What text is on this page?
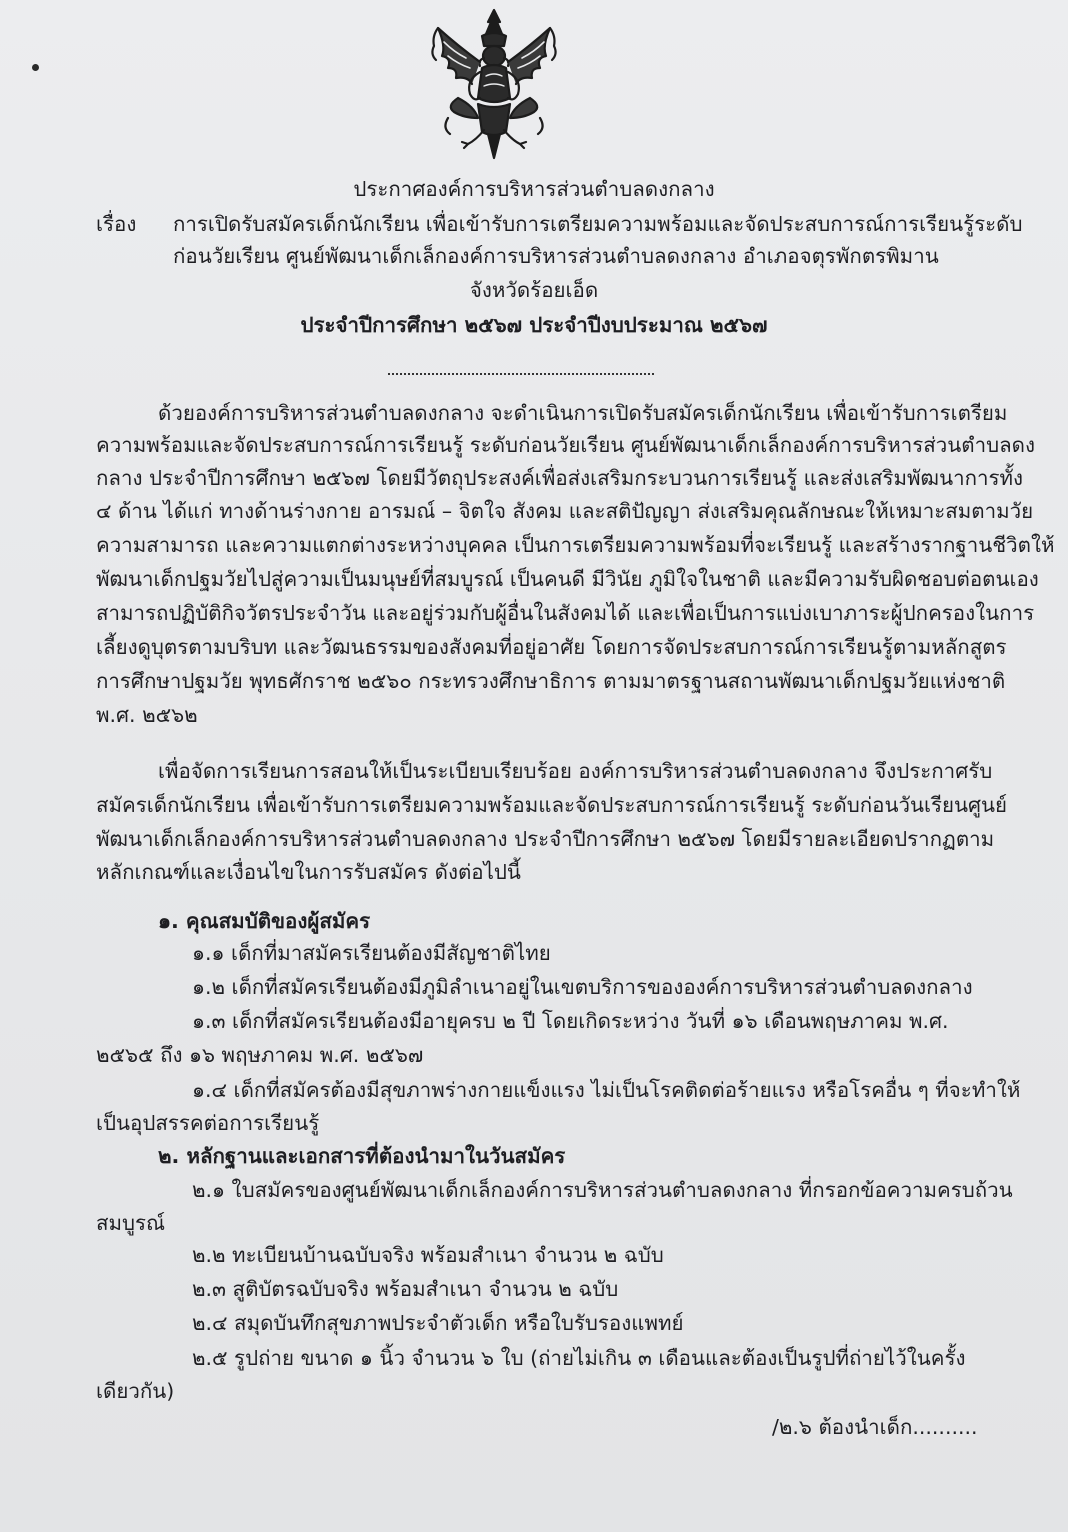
ประกาศองค์การบริหารส่วนตำบลดงกลาง
เรื่อง การเปิดรับสมัครเด็กนักเรียน เพื่อเข้ารับการเตรียมความพร้อมและจัดประสบการณ์การเรียนรู้ระดับ
ก่อนวัยเรียน ศูนย์พัฒนาเด็กเล็กองค์การบริหารส่วนตำบลดงกลาง อำเภอจตุรพักตรพิมาน
จังหวัดร้อยเอ็ด
ประจำปีการศึกษา ๒๕๖๗ ประจำปีงบประมาณ ๒๕๖๗
ด้วยองค์การบริหารส่วนตำบลดงกลาง จะดำเนินการเปิดรับสมัครเด็กนักเรียน เพื่อเข้ารับการเตรียม
ความพร้อมและจัดประสบการณ์การเรียนรู้ ระดับก่อนวัยเรียน ศูนย์พัฒนาเด็กเล็กองค์การบริหารส่วนตำบลดง
กลาง ประจำปีการศึกษา ๒๕๖๗ โดยมีวัตถุประสงค์เพื่อส่งเสริมกระบวนการเรียนรู้ และส่งเสริมพัฒนาการทั้ง
๔ ด้าน ได้แก่ ทางด้านร่างกาย อารมณ์ – จิตใจ สังคม และสติปัญญา ส่งเสริมคุณลักษณะให้เหมาะสมตามวัย
ความสามารถ และความแตกต่างระหว่างบุคคล เป็นการเตรียมความพร้อมที่จะเรียนรู้ และสร้างรากฐานชีวิตให้
พัฒนาเด็กปฐมวัยไปสู่ความเป็นมนุษย์ที่สมบูรณ์ เป็นคนดี มีวินัย ภูมิใจในชาติ และมีความรับผิดชอบต่อตนเอง
สามารถปฏิบัติกิจวัตรประจำวัน และอยู่ร่วมกับผู้อื่นในสังคมได้ และเพื่อเป็นการแบ่งเบาภาระผู้ปกครองในการ
เลี้ยงดูบุตรตามบริบท และวัฒนธรรมของสังคมที่อยู่อาศัย โดยการจัดประสบการณ์การเรียนรู้ตามหลักสูตร
การศึกษาปฐมวัย พุทธศักราช ๒๕๖๐ กระทรวงศึกษาธิการ ตามมาตรฐานสถานพัฒนาเด็กปฐมวัยแห่งชาติ
พ.ศ. ๒๕๖๒
เพื่อจัดการเรียนการสอนให้เป็นระเบียบเรียบร้อย องค์การบริหารส่วนตำบลดงกลาง จึงประกาศรับ
สมัครเด็กนักเรียน เพื่อเข้ารับการเตรียมความพร้อมและจัดประสบการณ์การเรียนรู้ ระดับก่อนวันเรียนศูนย์
พัฒนาเด็กเล็กองค์การบริหารส่วนตำบลดงกลาง ประจำปีการศึกษา ๒๕๖๗ โดยมีรายละเอียดปรากฏตาม
หลักเกณฑ์และเงื่อนไขในการรับสมัคร ดังต่อไปนี้
๑. คุณสมบัติของผู้สมัคร
๑.๑ เด็กที่มาสมัครเรียนต้องมีสัญชาติไทย
๑.๒ เด็กที่สมัครเรียนต้องมีภูมิลำเนาอยู่ในเขตบริการขององค์การบริหารส่วนตำบลดงกลาง
๑.๓ เด็กที่สมัครเรียนต้องมีอายุครบ ๒ ปี โดยเกิดระหว่าง วันที่ ๑๖ เดือนพฤษภาคม พ.ศ.
๒๕๖๕ ถึง ๑๖ พฤษภาคม พ.ศ. ๒๕๖๗
๑.๔ เด็กที่สมัครต้องมีสุขภาพร่างกายแข็งแรง ไม่เป็นโรคติดต่อร้ายแรง หรือโรคอื่น ๆ ที่จะทำให้
เป็นอุปสรรคต่อการเรียนรู้
๒. หลักฐานและเอกสารที่ต้องนำมาในวันสมัคร
๒.๑ ใบสมัครของศูนย์พัฒนาเด็กเล็กองค์การบริหารส่วนตำบลดงกลาง ที่กรอกข้อความครบถ้วน
สมบูรณ์
๒.๒ ทะเบียนบ้านฉบับจริง พร้อมสำเนา จำนวน ๒ ฉบับ
๒.๓ สูติบัตรฉบับจริง พร้อมสำเนา จำนวน ๒ ฉบับ
๒.๔ สมุดบันทึกสุขภาพประจำตัวเด็ก หรือใบรับรองแพทย์
๒.๕ รูปถ่าย ขนาด ๑ นิ้ว จำนวน ๖ ใบ (ถ่ายไม่เกิน ๓ เดือนและต้องเป็นรูปที่ถ่ายไว้ในครั้ง
เดียวกัน)
/๒.๖ ต้องนำเด็ก..........
